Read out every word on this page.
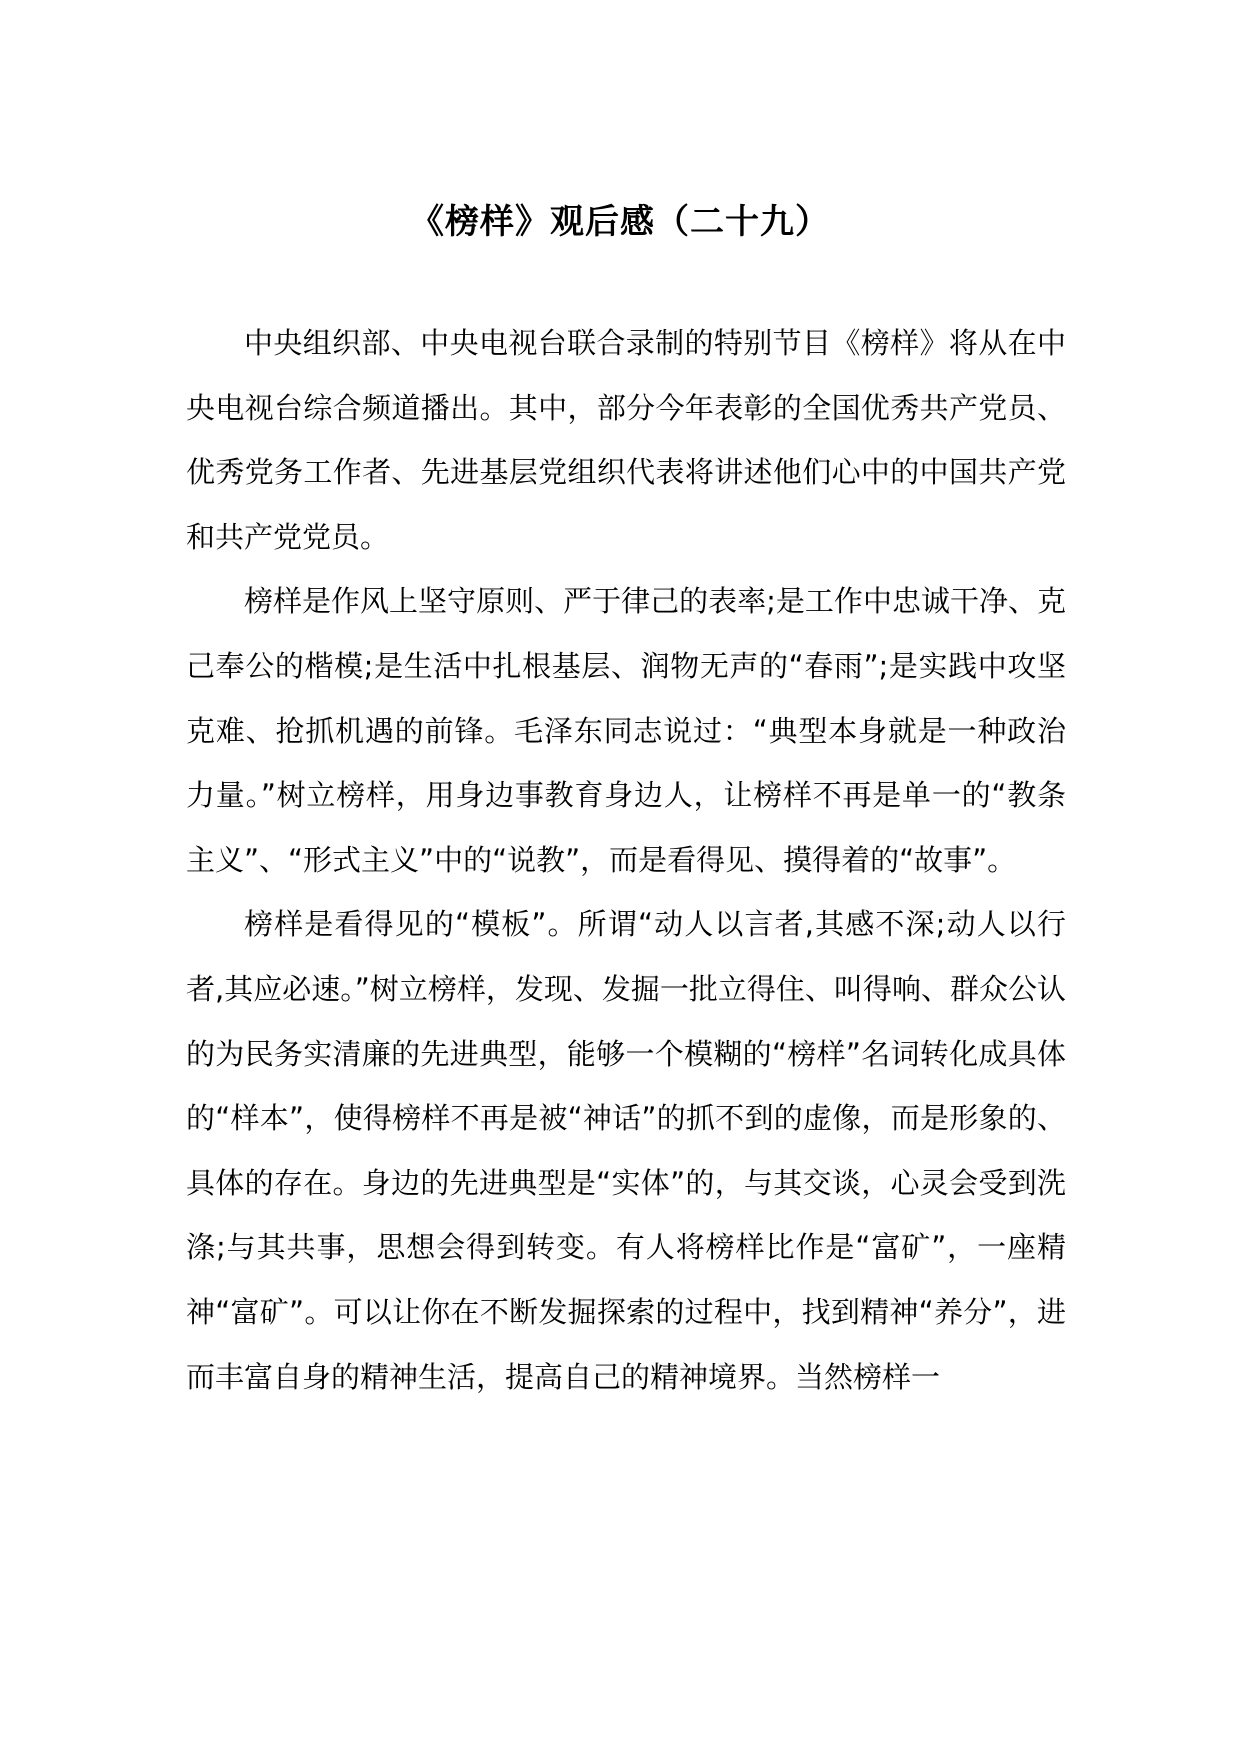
《榜样》观后感（二十九）

中央组织部、中央电视台联合录制的特别节目《榜样》将从在中央电视台综合频道播出。其中，部分今年表彰的全国优秀共产党员、优秀党务工作者、先进基层党组织代表将讲述他们心中的中国共产党和共产党党员。

榜样是作风上坚守原则、严于律己的表率;是工作中忠诚干净、克己奉公的楷模;是生活中扎根基层、润物无声的“春雨”;是实践中攻坚克难、抢抓机遇的前锋。毛泽东同志说过：“典型本身就是一种政治力量。”树立榜样，用身边事教育身边人，让榜样不再是单一的“教条主义”、“形式主义”中的“说教”，而是看得见、摸得着的“故事”。

榜样是看得见的“模板”。所谓“动人以言者,其感不深;动人以行者,其应必速。”树立榜样，发现、发掘一批立得住、叫得响、群众公认的为民务实清廉的先进典型，能够一个模糊的“榜样”名词转化成具体的“样本”，使得榜样不再是被“神话”的抓不到的虚像，而是形象的、具体的存在。身边的先进典型是“实体”的，与其交谈，心灵会受到洗涤;与其共事，思想会得到转变。有人将榜样比作是“富矿”，一座精神“富矿”。可以让你在不断发掘探索的过程中，找到精神“养分”，进而丰富自身的精神生活，提高自己的精神境界。当然榜样一
